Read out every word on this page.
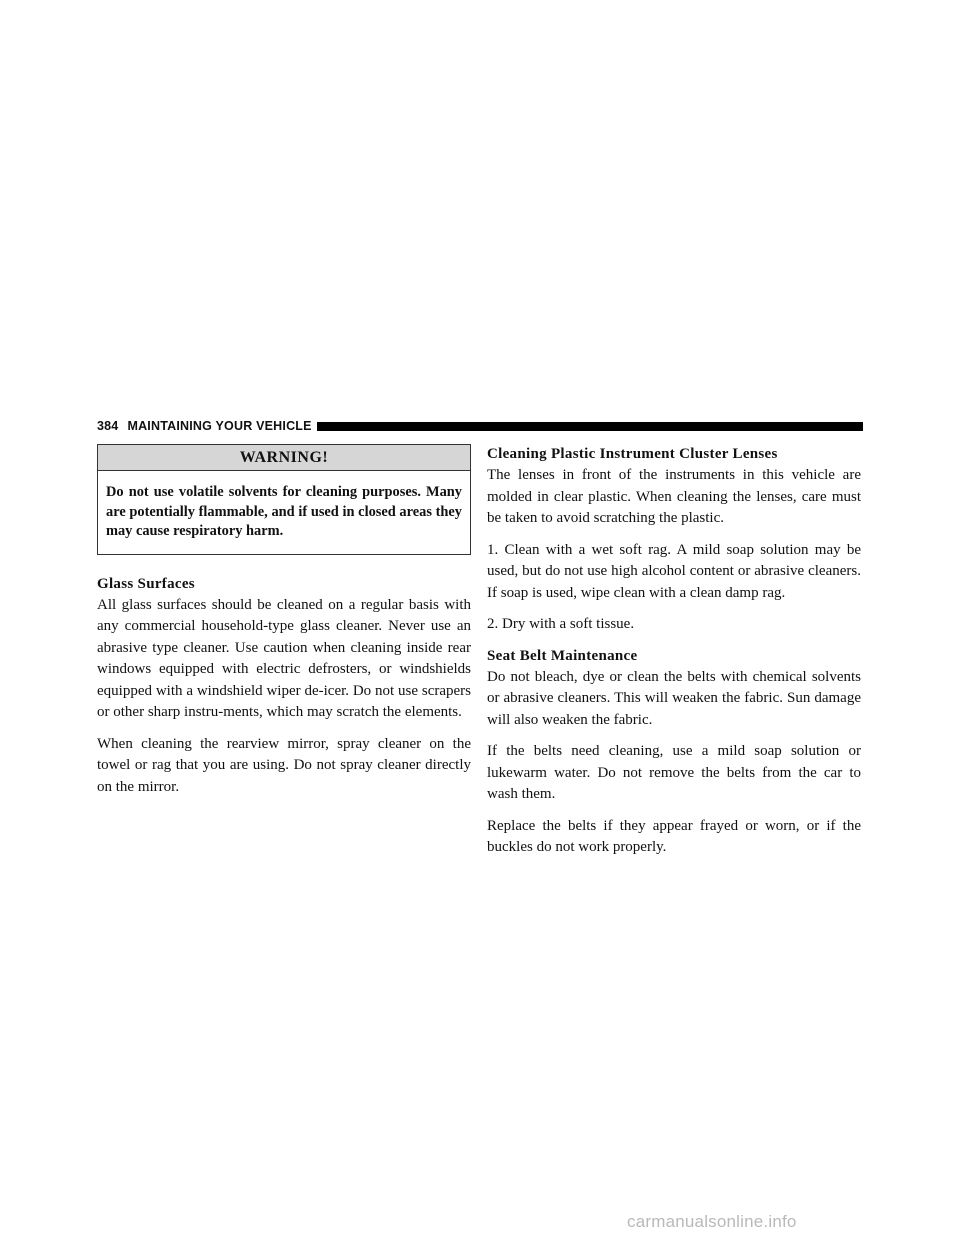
384 MAINTAINING YOUR VEHICLE
WARNING!
Do not use volatile solvents for cleaning purposes. Many are potentially flammable, and if used in closed areas they may cause respiratory harm.
Glass Surfaces

All glass surfaces should be cleaned on a regular basis with any commercial household-type glass cleaner. Never use an abrasive type cleaner. Use caution when cleaning inside rear windows equipped with electric defrosters, or windshields equipped with a windshield wiper de-icer. Do not use scrapers or other sharp instru-ments, which may scratch the elements.

When cleaning the rearview mirror, spray cleaner on the towel or rag that you are using. Do not spray cleaner directly on the mirror.

Cleaning Plastic Instrument Cluster Lenses

The lenses in front of the instruments in this vehicle are molded in clear plastic. When cleaning the lenses, care must be taken to avoid scratching the plastic.

1. Clean with a wet soft rag. A mild soap solution may be used, but do not use high alcohol content or abrasive cleaners. If soap is used, wipe clean with a clean damp rag.

2. Dry with a soft tissue.

Seat Belt Maintenance

Do not bleach, dye or clean the belts with chemical solvents or abrasive cleaners. This will weaken the fabric. Sun damage will also weaken the fabric.

If the belts need cleaning, use a mild soap solution or lukewarm water. Do not remove the belts from the car to wash them.

Replace the belts if they appear frayed or worn, or if the buckles do not work properly.

carmanualsonline.info
